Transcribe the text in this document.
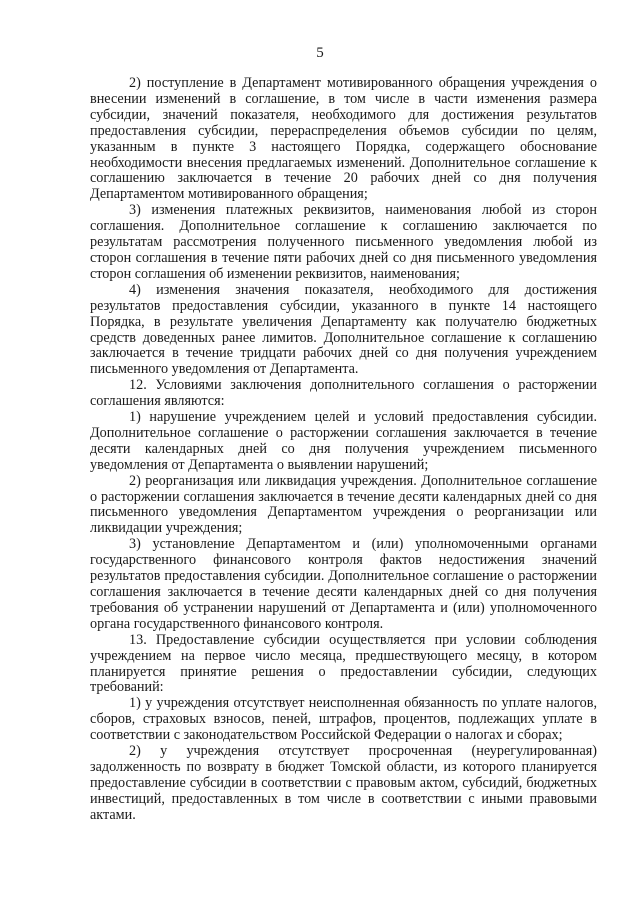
5

2) поступление в Департамент мотивированного обращения учреждения о внесении изменений в соглашение, в том числе в части изменения размера субсидии, значений показателя, необходимого для достижения результатов предоставления субсидии, перераспределения объемов субсидии по целям, указанным в пункте 3 настоящего Порядка, содержащего обоснование необходимости внесения предлагаемых изменений. Дополнительное соглашение к соглашению заключается в течение 20 рабочих дней со дня получения Департаментом мотивированного обращения;

3) изменения платежных реквизитов, наименования любой из сторон соглашения. Дополнительное соглашение к соглашению заключается по результатам рассмотрения полученного письменного уведомления любой из сторон соглашения в течение пяти рабочих дней со дня письменного уведомления сторон соглашения об изменении реквизитов, наименования;

4) изменения значения показателя, необходимого для достижения результатов предоставления субсидии, указанного в пункте 14 настоящего Порядка, в результате увеличения Департаменту как получателю бюджетных средств доведенных ранее лимитов. Дополнительное соглашение к соглашению заключается в течение тридцати рабочих дней со дня получения учреждением письменного уведомления от Департамента.

12. Условиями заключения дополнительного соглашения о расторжении соглашения являются:

1) нарушение учреждением целей и условий предоставления субсидии. Дополнительное соглашение о расторжении соглашения заключается в течение десяти календарных дней со дня получения учреждением письменного уведомления от Департамента о выявлении нарушений;

2) реорганизация или ликвидация учреждения. Дополнительное соглашение о расторжении соглашения заключается в течение десяти календарных дней со дня письменного уведомления Департаментом учреждения о реорганизации или ликвидации учреждения;

3) установление Департаментом и (или) уполномоченными органами государственного финансового контроля фактов недостижения значений результатов предоставления субсидии. Дополнительное соглашение о расторжении соглашения заключается в течение десяти календарных дней со дня получения требования об устранении нарушений от Департамента и (или) уполномоченного органа государственного финансового контроля.

13. Предоставление субсидии осуществляется при условии соблюдения учреждением на первое число месяца, предшествующего месяцу, в котором планируется принятие решения о предоставлении субсидии, следующих требований:

1) у учреждения отсутствует неисполненная обязанность по уплате налогов, сборов, страховых взносов, пеней, штрафов, процентов, подлежащих уплате в соответствии с законодательством Российской Федерации о налогах и сборах;

2) у учреждения отсутствует просроченная (неурегулированная) задолженность по возврату в бюджет Томской области, из которого планируется предоставление субсидии в соответствии с правовым актом, субсидий, бюджетных инвестиций, предоставленных в том числе в соответствии с иными правовыми актами.
